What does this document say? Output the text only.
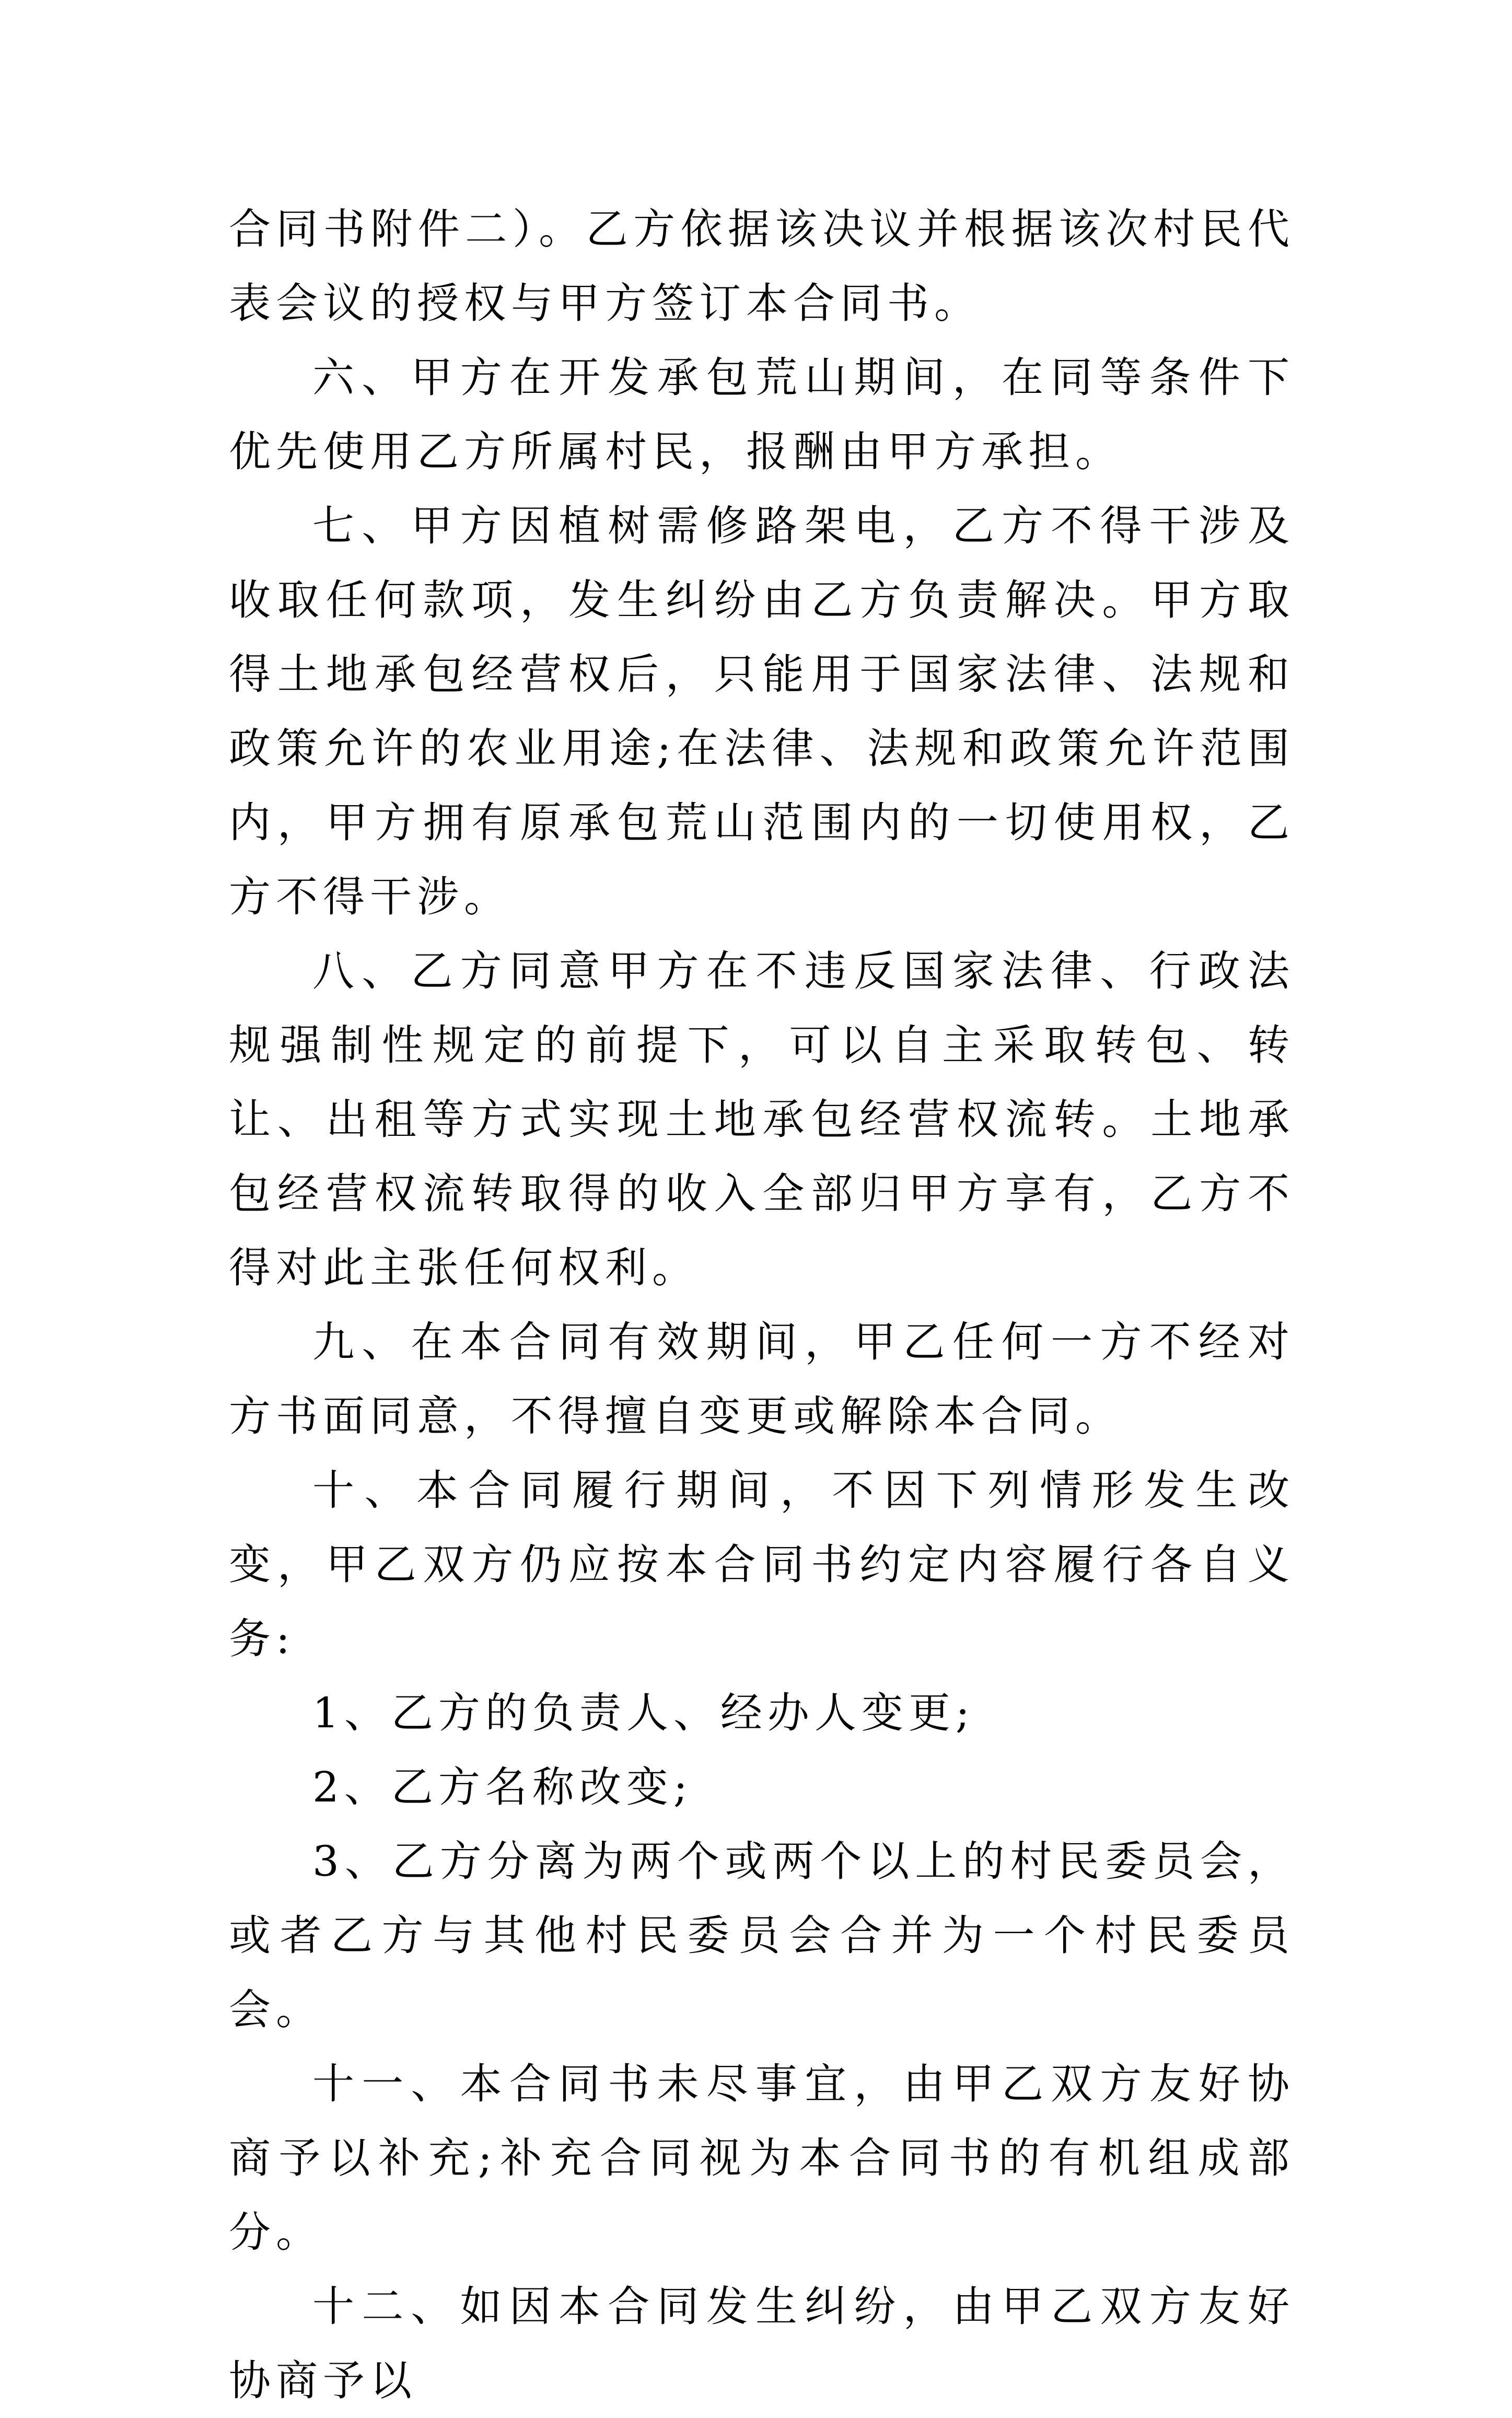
合同书附件二）。乙方依据该决议并根据该次村民代表会议的授权与甲方签订本合同书。

六、甲方在开发承包荒山期间，在同等条件下优先使用乙方所属村民，报酬由甲方承担。

七、甲方因植树需修路架电，乙方不得干涉及收取任何款项，发生纠纷由乙方负责解决。甲方取得土地承包经营权后，只能用于国家法律、法规和政策允许的农业用途;在法律、法规和政策允许范围内，甲方拥有原承包荒山范围内的一切使用权，乙方不得干涉。

八、乙方同意甲方在不违反国家法律、行政法规强制性规定的前提下，可以自主采取转包、转让、出租等方式实现土地承包经营权流转。土地承包经营权流转取得的收入全部归甲方享有，乙方不得对此主张任何权利。

九、在本合同有效期间，甲乙任何一方不经对方书面同意，不得擅自变更或解除本合同。

十、本合同履行期间，不因下列情形发生改变，甲乙双方仍应按本合同书约定内容履行各自义务:

1、乙方的负责人、经办人变更;

2、乙方名称改变;

3、乙方分离为两个或两个以上的村民委员会，或者乙方与其他村民委员会合并为一个村民委员会。

十一、本合同书未尽事宜，由甲乙双方友好协商予以补充;补充合同视为本合同书的有机组成部分。

十二、如因本合同发生纠纷，由甲乙双方友好协商予以
